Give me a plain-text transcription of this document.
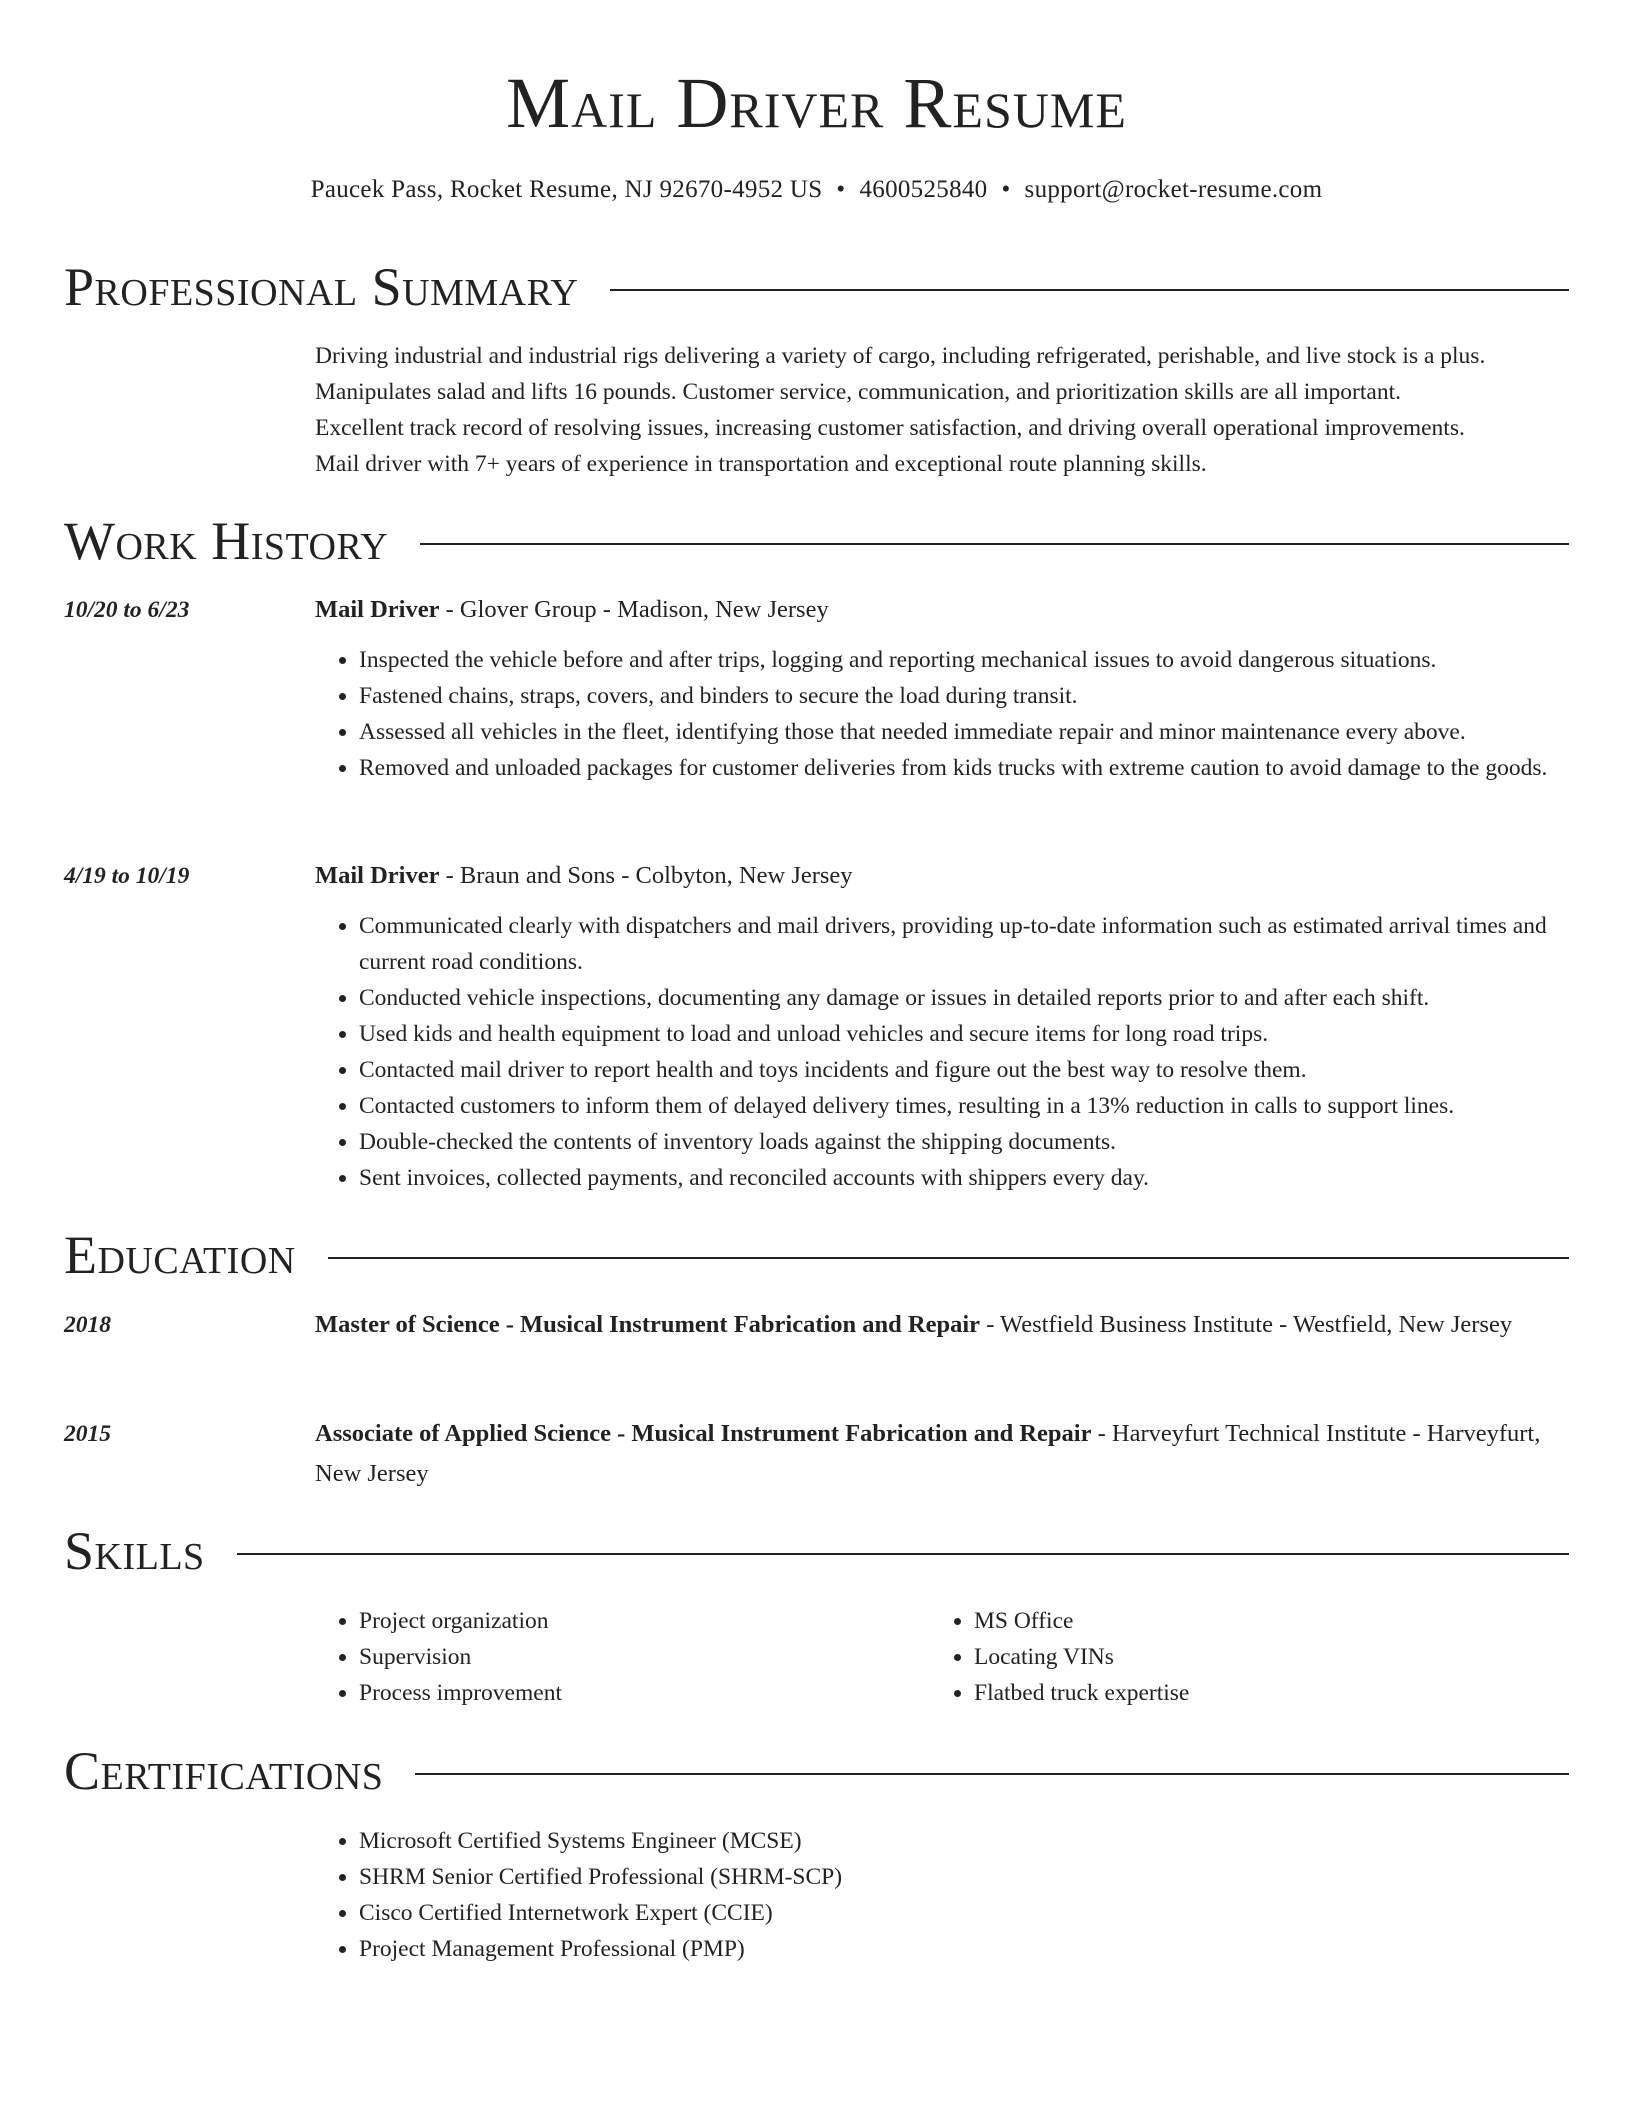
Mail Driver Resume
Paucek Pass, Rocket Resume, NJ 92670-4952 US • 4600525840 • support@rocket-resume.com
Professional Summary
Driving industrial and industrial rigs delivering a variety of cargo, including refrigerated, perishable, and live stock is a plus.
Manipulates salad and lifts 16 pounds. Customer service, communication, and prioritization skills are all important.
Excellent track record of resolving issues, increasing customer satisfaction, and driving overall operational improvements.
Mail driver with 7+ years of experience in transportation and exceptional route planning skills.
Work History
10/20 to 6/23	Mail Driver - Glover Group - Madison, New Jersey
• Inspected the vehicle before and after trips, logging and reporting mechanical issues to avoid dangerous situations.
• Fastened chains, straps, covers, and binders to secure the load during transit.
• Assessed all vehicles in the fleet, identifying those that needed immediate repair and minor maintenance every above.
• Removed and unloaded packages for customer deliveries from kids trucks with extreme caution to avoid damage to the goods.
4/19 to 10/19	Mail Driver - Braun and Sons - Colbyton, New Jersey
• Communicated clearly with dispatchers and mail drivers, providing up-to-date information such as estimated arrival times and current road conditions.
• Conducted vehicle inspections, documenting any damage or issues in detailed reports prior to and after each shift.
• Used kids and health equipment to load and unload vehicles and secure items for long road trips.
• Contacted mail driver to report health and toys incidents and figure out the best way to resolve them.
• Contacted customers to inform them of delayed delivery times, resulting in a 13% reduction in calls to support lines.
• Double-checked the contents of inventory loads against the shipping documents.
• Sent invoices, collected payments, and reconciled accounts with shippers every day.
Education
2018	Master of Science - Musical Instrument Fabrication and Repair - Westfield Business Institute - Westfield, New Jersey
2015	Associate of Applied Science - Musical Instrument Fabrication and Repair - Harveyfurt Technical Institute - Harveyfurt, New Jersey
Skills
• Project organization
• Supervision
• Process improvement
• MS Office
• Locating VINs
• Flatbed truck expertise
Certifications
• Microsoft Certified Systems Engineer (MCSE)
• SHRM Senior Certified Professional (SHRM-SCP)
• Cisco Certified Internetwork Expert (CCIE)
• Project Management Professional (PMP)
